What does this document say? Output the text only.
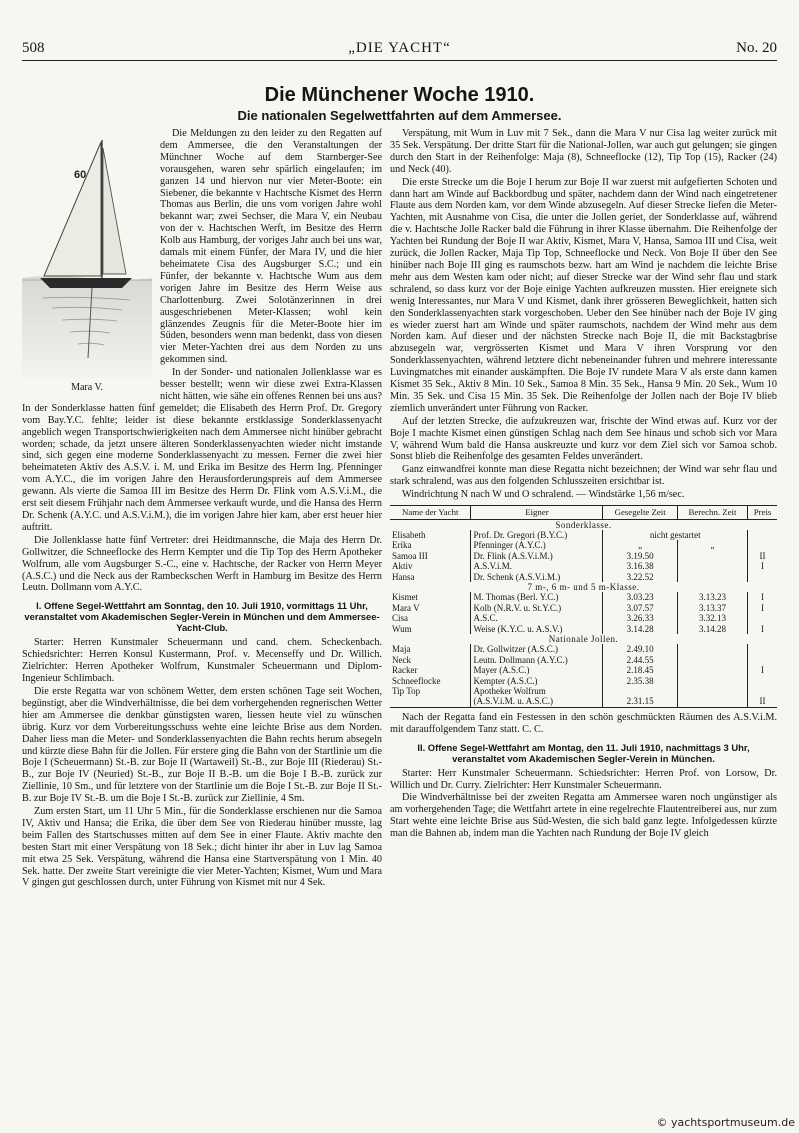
508	„DIE YACHT“	No. 20
Die Münchener Woche 1910.
Die nationalen Segelwettfahrten auf dem Ammersee.
60
Mara V.

Die Meldungen zu den leider zu den Regatten auf dem Ammersee, die den Veranstaltungen der Münchner Woche auf dem Starnberger-See vorausgehen, waren sehr spärlich eingelaufen; im ganzen 14 und hiervon nur vier Meter-Boote: ein Siebener, die bekannte v Hachtsche Kismet des Herrn Thomas aus Berlin, die uns vom vorigen Jahre wohl bekannt war; zwei Sechser, die Mara V, ein Neubau von der v. Hachtschen Werft, im Besitze des Herrn Kolb aus Hamburg, der voriges Jahr auch bei uns war, damals mit einem Fünfer, der Mara IV, und die hier beheimatete Cisa des Augsburger S.C.; und ein Fünfer, der bekannte v. Hachtsche Wum aus dem vorigen Jahre im Besitze des Herrn Weise aus Charlottenburg. Zwei Solotänzerinnen in drei ausgeschriebenen Meter-Klassen; wohl kein glänzendes Zeugnis für die Meter-Boote hier im Süden, besonders wenn man bedenkt, dass von diesen vier Meter-Yachten drei aus dem Norden zu uns gekommen sind.

In der Sonder- und nationalen Jollenklasse war es besser bestellt; wenn wir diese zwei Extra-Klassen nicht hätten, wie sähe ein offenes Rennen bei uns aus? In der Sonderklasse hatten fünf gemeldet; die Elisabeth des Herrn Prof. Dr. Gregory vom Bay.Y.C. fehlte; leider ist diese bekannte erstklassige Sonderklassenyacht angeblich wegen Transportschwierigkeiten nach dem Ammersee nicht hinüber gebracht worden; schade, da jetzt unsere älteren Sonderklassenyachten wieder nicht imstande sind, sich gegen eine moderne Sonderklassenyacht zu messen. Ferner die zwei hier beheimateten Aktiv des A.S.V. i. M. und Erika im Besitze des Herrn Ing. Pfenninger vom A.Y.C., die im vorigen Jahre den Herausforderungspreis auf dem Ammersee gewann. Als vierte die Samoa III im Besitze des Herrn Dr. Flink vom A.S.V.i.M., die erst seit diesem Frühjahr nach dem Ammersee verkauft wurde, und die Hansa des Herrn Dr. Schenk (A.Y.C. und A.S.V.i.M.), die im vorigen Jahre hier kam, aber erst heuer hier auftritt.

Die Jollenklasse hatte fünf Vertreter: drei Heidtmannsche, die Maja des Herrn Dr. Gollwitzer, die Schneeflocke des Herrn Kempter und die Tip Top des Herrn Apotheker Wolfrum, alle vom Augsburger S.-C., eine v. Hachtsche, der Racker von Herrn Meyer (A.S.C.) und die Neck aus der Rambeckschen Werft in Hamburg im Besitze des Herrn Leutn. Dollmann vom A.Y.C.

I. Offene Segel-Wettfahrt am Sonntag, den 10. Juli 1910, vormittags 11 Uhr, veranstaltet vom Akademischen Segler-Verein in München und dem Ammersee-Yacht-Club.

Starter: Herren Kunstmaler Scheuermann und cand. chem. Scheckenbach. Schiedsrichter: Herren Konsul Kustermann, Prof. v. Mecenseffy und Dr. Willich. Zielrichter: Herren Apotheker Wolfrum, Kunstmaler Scheuermann und Diplom-Ingenieur Schlimbach.

Die erste Regatta war von schönem Wetter, dem ersten schönen Tage seit Wochen, begünstigt, aber die Windverhältnisse, die bei dem vorhergehenden regnerischen Wetter hier am Ammersee die denkbar günstigsten waren, liessen heute viel zu wünschen übrig. Kurz vor dem Vorbereitungsschuss wehte eine leichte Brise aus dem Norden. Daher liess man die Meter- und Sonderklassenyachten die Bahn rechts herum absegeln und kürzte diese Bahn für die Jollen. Für erstere ging die Bahn von der Startlinie um die Boje I (Scheuermann) St.-B. zur Boje II (Wartaweil) St.-B., zur Boje III (Riederau) St.-B., zur Boje IV (Neuried) St.-B., zur Boje II B.-B. um die Boje I B.-B. zurück zur Ziellinie, 10 Sm., und für letztere von der Startlinie um die Boje I St.-B. zur Boje II St.-B. zur Boje IV St.-B. um die Boje I St.-B. zurück zur Ziellinie, 4 Sm.

Zum ersten Start, um 11 Uhr 5 Min., für die Sonderklasse erschienen nur die Samoa IV, Aktiv und Hansa; die Erika, die über dem See von Riederau hinüber musste, lag beim Fallen des Startschusses mitten auf dem See in einer Flaute. Aktiv machte den besten Start mit einer Verspätung von 18 Sek.; dicht hinter ihr aber in Luv lag Samoa mit etwa 25 Sek. Verspätung, während die Hansa eine Startverspätung von 1 Min. 40 Sek. hatte. Der zweite Start vereinigte die vier Meter-Yachten; Kismet, Wum und Mara V gingen gut geschlossen durch, unter Führung von Kismet mit nur 4 Sek.

Verspätung, mit Wum in Luv mit 7 Sek., dann die Mara V nur Cisa lag weiter zurück mit 35 Sek. Verspätung. Der dritte Start für die National-Jollen, war auch gut gelungen; sie gingen durch den Start in der Reihenfolge: Maja (8), Schneeflocke (12), Tip Top (15), Racker (24) und Neck (40).

Die erste Strecke um die Boje I herum zur Boje II war zuerst mit aufgefierten Schoten und dann hart am Winde auf Backbordbug und später, nachdem dann der Wind nach eingetretener Flaute aus dem Norden kam, vor dem Winde abzusegeln. Auf dieser Strecke liefen die Meter-Yachten, mit Ausnahme von Cisa, die unter die Jollen geriet, der Sonderklasse auf, während die v. Hachtsche Jolle Racker bald die Führung in ihrer Klasse übernahm. Die Reihenfolge der Yachten bei Rundung der Boje II war Aktiv, Kismet, Mara V, Hansa, Samoa III und Cisa, weit zurück, die Jollen Racker, Maja Tip Top, Schneeflocke und Neck. Von Boje II über den See hinüber nach Boje III ging es raumschots bezw. hart am Wind je nachdem die leichte Brise mehr aus dem Westen kam oder nicht; auf dieser Strecke war der Wind sehr flau und stark schralend, so dass kurz vor der Boje einige Yachten aufkreuzen mussten. Hier ereignete sich wenig Interessantes, nur Mara V und Kismet, dank ihrer grösseren Beweglichkeit, hatten sich den Sonderklassenyachten stark vorgeschoben. Ueber den See hinüber nach der Boje IV ging es wieder zuerst hart am Winde und später raumschots, nachdem der Wind mehr aus dem Norden kam. Auf dieser und der nächsten Strecke nach Boje II, die mit Backstagbrise abzusegeln war, vergrösserten Kismet und Mara V ihren Vorsprung vor den Sonderklassenyachten, während letztere dicht nebeneinander fuhren und mehrere interessante Luvingmatches mit einander auskämpften. Die Boje IV rundete Mara V als erste dann kamen Kismet 35 Sek., Aktiv 8 Min. 10 Sek., Samoa 8 Min. 35 Sek., Hansa 9 Min. 20 Sek., Wum 10 Min. 35 Sek. und Cisa 15 Min. 35 Sek. Die Reihenfolge der Jollen nach der Boje IV blieb ziemlich unverändert unter Führung von Racker.

Auf der letzten Strecke, die aufzukreuzen war, frischte der Wind etwas auf. Kurz vor der Boje I machte Kismet einen günstigen Schlag nach dem See hinaus und schob sich vor Mara V, während Wum bald die Hansa auskreuzte und kurz vor dem Ziel sich vor Samoa schob. Sonst blieb die Reihenfolge des gesamten Feldes unverändert.

Ganz einwandfrei konnte man diese Regatta nicht bezeichnen; der Wind war sehr flau und stark schralend, was aus den folgenden Schlusszeiten ersichtbar ist.

Windrichtung N nach W und O schralend. — Windstärke 1,56 m/sec.

Name der Yacht	Eigner	Gesegelte Zeit	Berechn. Zeit	Preis
Sonderklasse.				
Elisabeth	Prof. Dr. Gregori (B.Y.C.)	nicht gestartet		
Erika	Pfenninger (A.Y.C.)	„	„	
Samoa III	Dr. Flink (A.S.V.i.M.)	3.19.50		II
Aktiv	A.S.V.i.M.	3.16.38		I
Hansa	Dr. Schenk (A.S.V.i.M.)	3.22.52		
7 m-, 6 m- und 5 m-Klasse.				
Kismet	M. Thomas (Berl. Y.C.)	3.03.23	3.13.23	I
Mara V	Kolb (N.R.V. u. St.Y.C.)	3.07.57	3.13.37	I
Cisa	A.S.C.	3.26.33	3.32.13	
Wum	Weise (K.Y.C. u. A.S.V.)	3.14.28	3.14.28	I
Nationale Jollen.				
Maja	Dr. Gollwitzer (A.S.C.)	2.49.10		
Neck	Leutn. Dollmann (A.Y.C.)	2.44.55		
Racker	Mayer (A.S.C.)	2.18.45		I
Schneeflocke	Kempter (A.S.C.)	2.35.38		
Tip Top	Apotheker Wolfrum			
	(A.S.V.i.M. u. A.S.C.)	2.31.15		II

Nach der Regatta fand ein Festessen in den schön geschmückten Räumen des A.S.V.i.M. mit darauffolgendem Tanz statt. C. C.

II. Offene Segel-Wettfahrt am Montag, den 11. Juli 1910, nachmittags 3 Uhr, veranstaltet vom Akademischen Segler-Verein in München.

Starter: Herr Kunstmaler Scheuermann. Schiedsrichter: Herren Prof. von Lorsow, Dr. Willich und Dr. Curry. Zielrichter: Herr Kunstmaler Scheuermann.

Die Windverhältnisse bei der zweiten Regatta am Ammersee waren noch ungünstiger als am vorhergehenden Tage; die Wettfahrt artete in eine regelrechte Flautentreiberei aus, nur zum Start wehte eine leichte Brise aus Süd-Westen, die sich bald ganz legte. Infolgedessen kürzte man die Bahnen ab, indem man die Yachten nach Rundung der Boje IV gleich

© yachtsportmuseum.de
